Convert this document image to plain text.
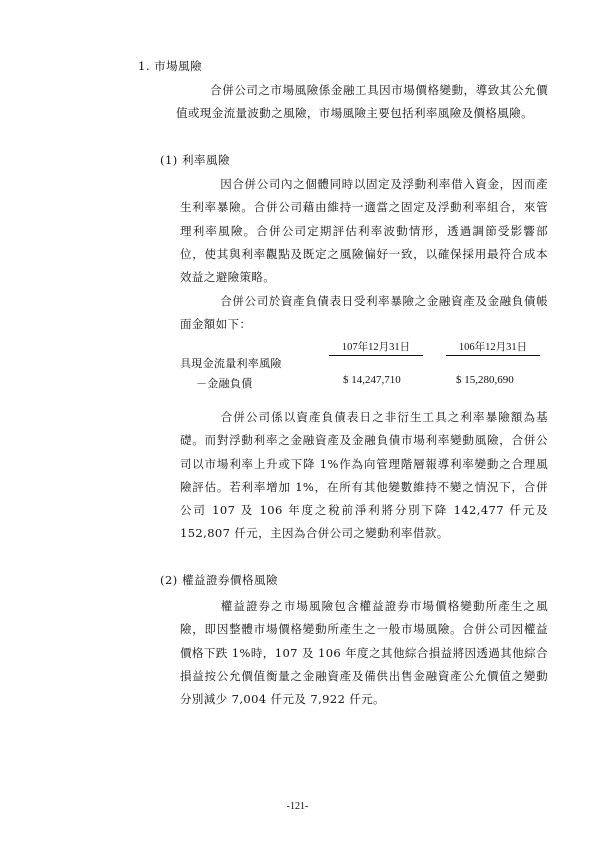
1. 市場風險

合併公司之市場風險係金融工具因市場價格變動，導致其公允價值或現金流量波動之風險，市場風險主要包括利率風險及價格風險。

(1) 利率風險

因合併公司內之個體同時以固定及浮動利率借入資金，因而產生利率暴險。合併公司藉由維持一適當之固定及浮動利率組合，來管理利率風險。合併公司定期評估利率波動情形，透過調節受影響部位，使其與利率觀點及既定之風險偏好一致，以確保採用最符合成本效益之避險策略。

合併公司於資產負債表日受利率暴險之金融資產及金融負債帳面金額如下：

107年12月31日	106年12月31日
具現金流量利率風險
－金融負債	$ 14,247,710	$ 15,280,690

合併公司係以資產負債表日之非衍生工具之利率暴險額為基礎。而對浮動利率之金融資產及金融負債市場利率變動風險，合併公司以市場利率上升或下降 1%作為向管理階層報導利率變動之合理風險評估。若利率增加 1%，在所有其他變數維持不變之情況下，合併公司 107 及 106 年度之稅前淨利將分別下降 142,477 仟元及 152,807 仟元，主因為合併公司之變動利率借款。

(2) 權益證券價格風險

權益證券之市場風險包含權益證券市場價格變動所產生之風險，即因整體市場價格變動所產生之一般市場風險。合併公司因權益價格下跌 1%時，107 及 106 年度之其他綜合損益將因透過其他綜合損益按公允價值衡量之金融資產及備供出售金融資產公允價值之變動分別減少 7,004 仟元及 7,922 仟元。

-121-
